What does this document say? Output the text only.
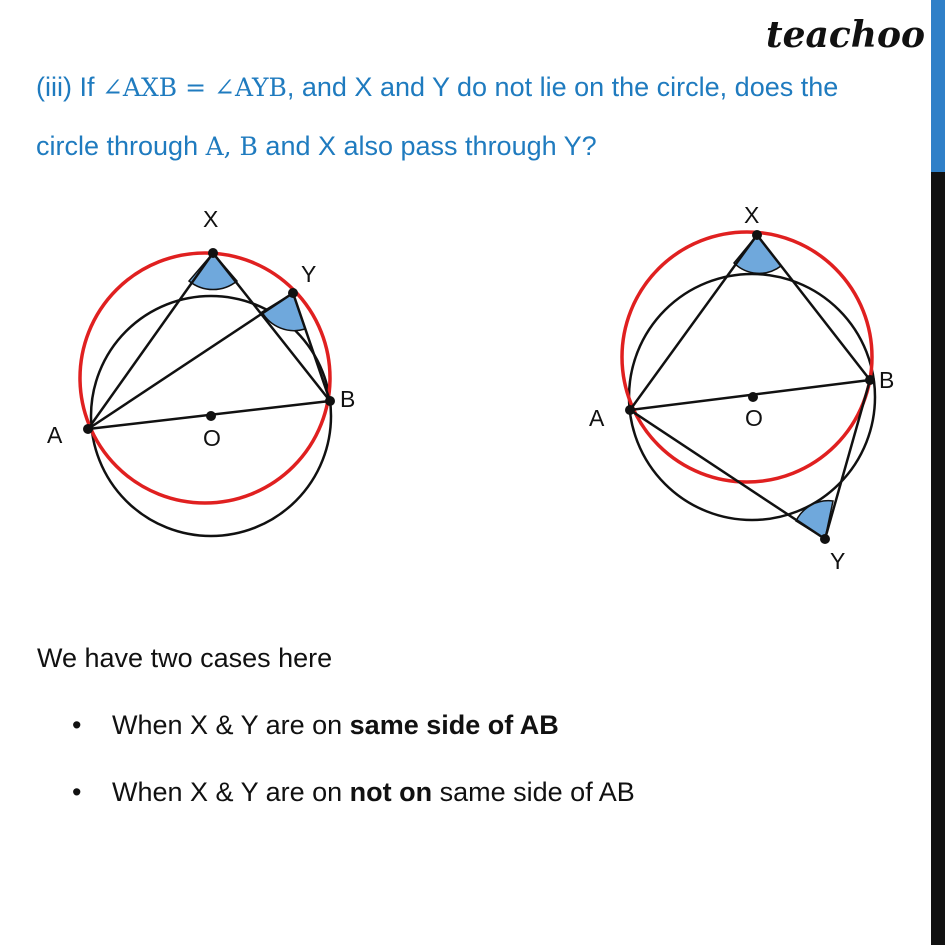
teachoo

(iii) If ∠AXB = ∠AYB, and X and Y do not lie on the circle, does the

circle through A, B and X also pass through Y?

X
Y
A
B
O
X
Y
A
B
O
We have two cases here
• When X & Y are on same side of AB
• When X & Y are on not on same side of AB
